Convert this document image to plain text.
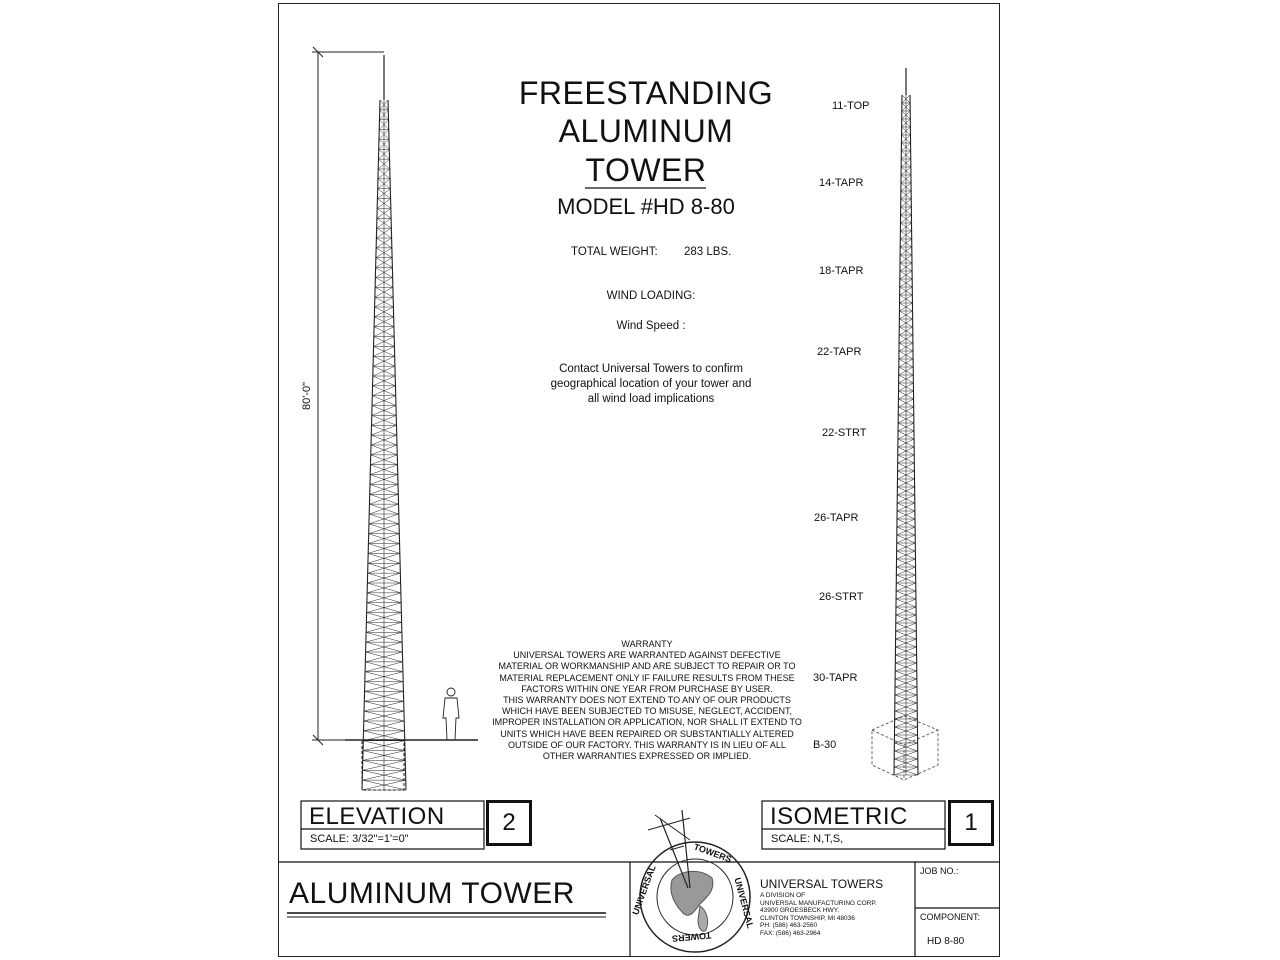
FREESTANDING
ALUMINUM
TOWER
MODEL #HD 8-80
TOTAL WEIGHT: 283 LBS.
WIND LOADING:
Wind Speed :
Contact Universal Towers to confirm
geographical location of your tower and
all wind load implications
80'-0"
WARRANTY
UNIVERSAL TOWERS ARE WARRANTED AGAINST DEFECTIVE
MATERIAL OR WORKMANSHIP AND ARE SUBJECT TO REPAIR OR TO
MATERIAL REPLACEMENT ONLY IF FAILURE RESULTS FROM THESE
FACTORS WITHIN ONE YEAR FROM PURCHASE BY USER.
THIS WARRANTY DOES NOT EXTEND TO ANY OF OUR PRODUCTS
WHICH HAVE BEEN SUBJECTED TO MISUSE, NEGLECT, ACCIDENT,
IMPROPER INSTALLATION OR APPLICATION, NOR SHALL IT EXTEND TO
UNITS WHICH HAVE BEEN REPAIRED OR SUBSTANTIALLY ALTERED
OUTSIDE OF OUR FACTORY. THIS WARRANTY IS IN LIEU OF ALL
OTHER WARRANTIES EXPRESSED OR IMPLIED.
11-TOP
14-TAPR
18-TAPR
22-TAPR
22-STRT
26-TAPR
26-STRT
30-TAPR
B-30
ELEVATION
SCALE: 3/32"=1'=0"
2	ISOMETRIC
SCALE: N,T,S,
1
ALUMINUM TOWER
TOWERS
UNIVERSAL
UNIVERSAL
TOWERS
UNIVERSAL TOWERS
A DIVISION OF
UNIVERSAL MANUFACTURING CORP.
43900 GROESBECK HWY.
CLINTON TOWNSHIP, MI 48036
PH: (586) 463-2560
FAX: (586) 463-2964
JOB NO.:
COMPONENT:
HD 8-80
